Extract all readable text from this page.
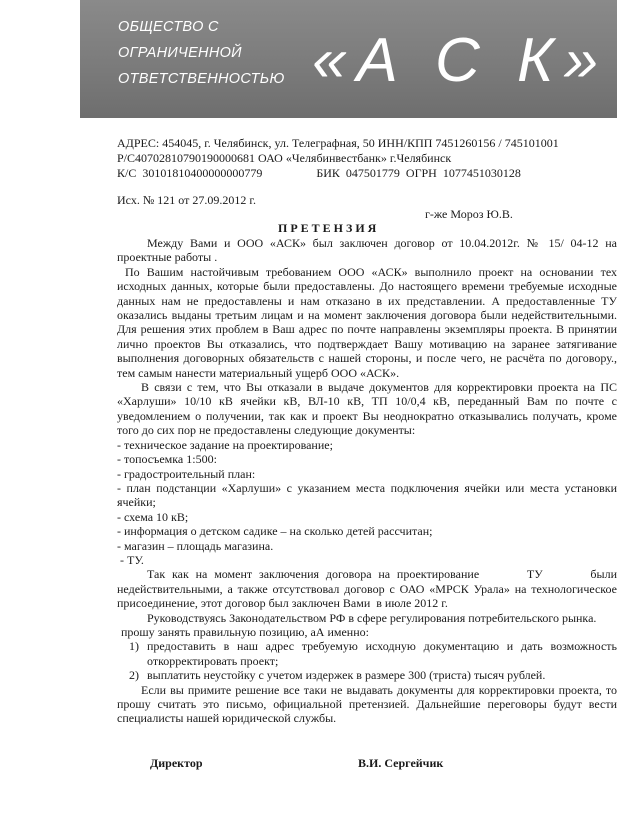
ОБЩЕСТВО С
ОГРАНИЧЕННОЙ
ОТВЕТСТВЕННОСТЬЮ «А С К»
АДРЕС: 454045, г. Челябинск, ул. Телеграфная, 50 ИНН/КПП 7451260156 / 745101001
Р/С40702810790190000681 ОАО «Челябинвестбанк» г.Челябинск
К/С  30101810400000000779                  БИК  047501779  ОГРН  1077451030128
Исх. № 121 от 27.09.2012 г.
г-же Мороз Ю.В.
ПРЕТЕНЗИЯ

Между Вами и ООО «АСК» был заключен договор от 10.04.2012г. № 15/ 04-12 на проектные работы .

По Вашим настойчивым требованием ООО «АСК» выполнило проект на основании тех исходных данных, которые были предоставлены. До настоящего времени требуемые исходные данных нам не предоставлены и нам отказано в их представлении. А предоставленные ТУ оказались выданы третьим лицам и на момент заключения договора были недействительными. Для решения этих проблем в Ваш адрес по почте направлены экземпляры проекта. В принятии лично проектов Вы отказались, что подтверждает Вашу мотивацию на заранее затягивание выполнения договорных обязательств с нашей стороны, и после чего, не расчёта по договору., тем самым нанести материальный ущерб ООО «АСК».

В связи с тем, что Вы отказали в выдаче документов для корректировки проекта на ПС «Харлуши» 10/10 кВ ячейки кВ, ВЛ-10 кВ, ТП 10/0,4 кВ, переданный Вам по почте с уведомлением о получении, так как и проект Вы неоднократно отказывались получать, кроме того до сих пор не предоставлены следующие документы:

- техническое задание на проектирование;

- топосъемка 1:500:

- градостроительный план:

- план подстанции «Харлуши» с указанием места подключения ячейки или места установки ячейки;

- схема 10 кВ;

- информация о детском садике – на сколько детей рассчитан;

- магазин – площадь магазина.

- ТУ.

Так как на момент заключения договора на проектирование       ТУ       были недействительными, а также отсутствовал договор с ОАО «МРСК Урала» на технологическое присоединение, этот договор был заключен Вами  в июле 2012 г.

Руководствуясь Законодательством РФ в сфере регулирования потребительского рынка.

прошу занять правильную позицию, аА именно:

1) предоставить в наш адрес требуемую исходную документацию и дать возможность откорректировать проект;
2) выплатить неустойку с учетом издержек в размере 300 (триста) тысяч рублей.

Если вы примите решение все таки не выдавать документы для корректировки проекта, то прошу считать это письмо, официальной претензией. Дальнейшие переговоры будут вести специалисты нашей юридической службы.

Директор	В.И. Сергейчик
